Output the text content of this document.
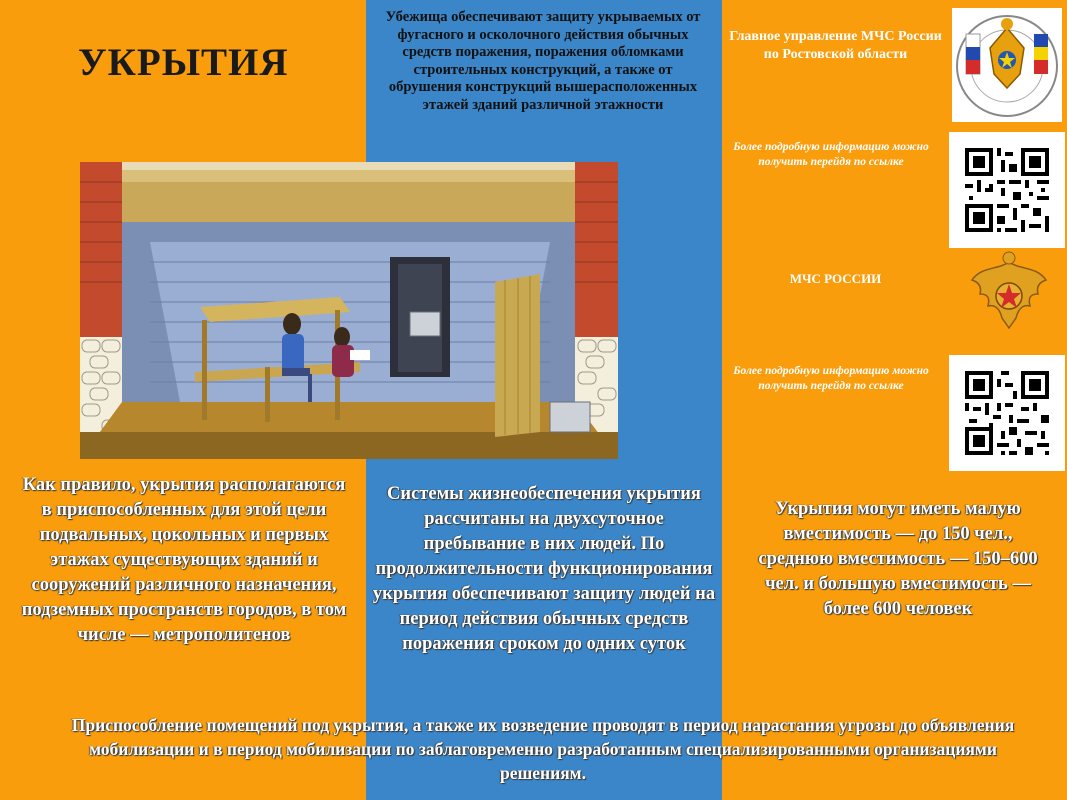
УКРЫТИЯ
Убежища обеспечивают защиту укрываемых от фугасного и осколочного действия обычных средств поражения, поражения обломками строительных конструкций, а также от обрушения конструкций вышерасположенных этажей зданий различной этажности
Главное управление МЧС России по Ростовской области
Более подробную информацию можно получить перейдя по ссылке
МЧС РОССИИ
Более подробную информацию можно получить перейдя по ссылке
Как правило, укрытия располагаются в приспособленных для этой цели подвальных, цокольных и первых этажах существующих зданий и сооружений различного назначения, подземных пространств городов, в том числе — метрополитенов
Системы жизнеобеспечения укрытия рассчитаны на двухсуточное пребывание в них людей. По продолжительности функционирования укрытия обеспечивают защиту людей на период действия обычных средств поражения сроком до одних суток
Укрытия могут иметь малую вместимость — до 150 чел., среднюю вместимость — 150–600 чел. и большую вместимость — более 600 человек
Приспособление помещений под укрытия, а также их возведение проводят в период нарастания угрозы до объявления мобилизации и в период мобилизации по заблаговременно разработанным специализированными организациями решениям.
